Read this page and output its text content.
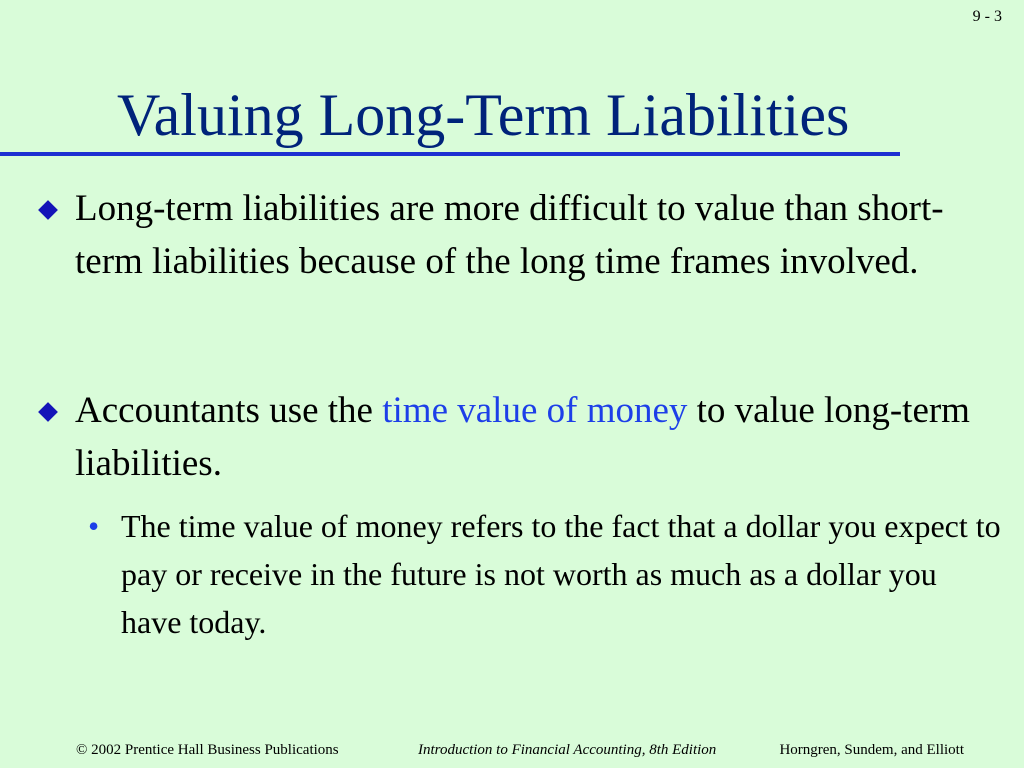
9 - 3
Valuing Long-Term Liabilities

Long-term liabilities are more difficult to value than short-term liabilities because of the long time frames involved.

Accountants use the time value of money to value long-term liabilities.

• The time value of money refers to the fact that a dollar you expect to pay or receive in the future is not worth as much as a dollar you have today.

© 2002 Prentice Hall Business Publications	Introduction to Financial Accounting, 8th Edition	Horngren, Sundem, and Elliott
